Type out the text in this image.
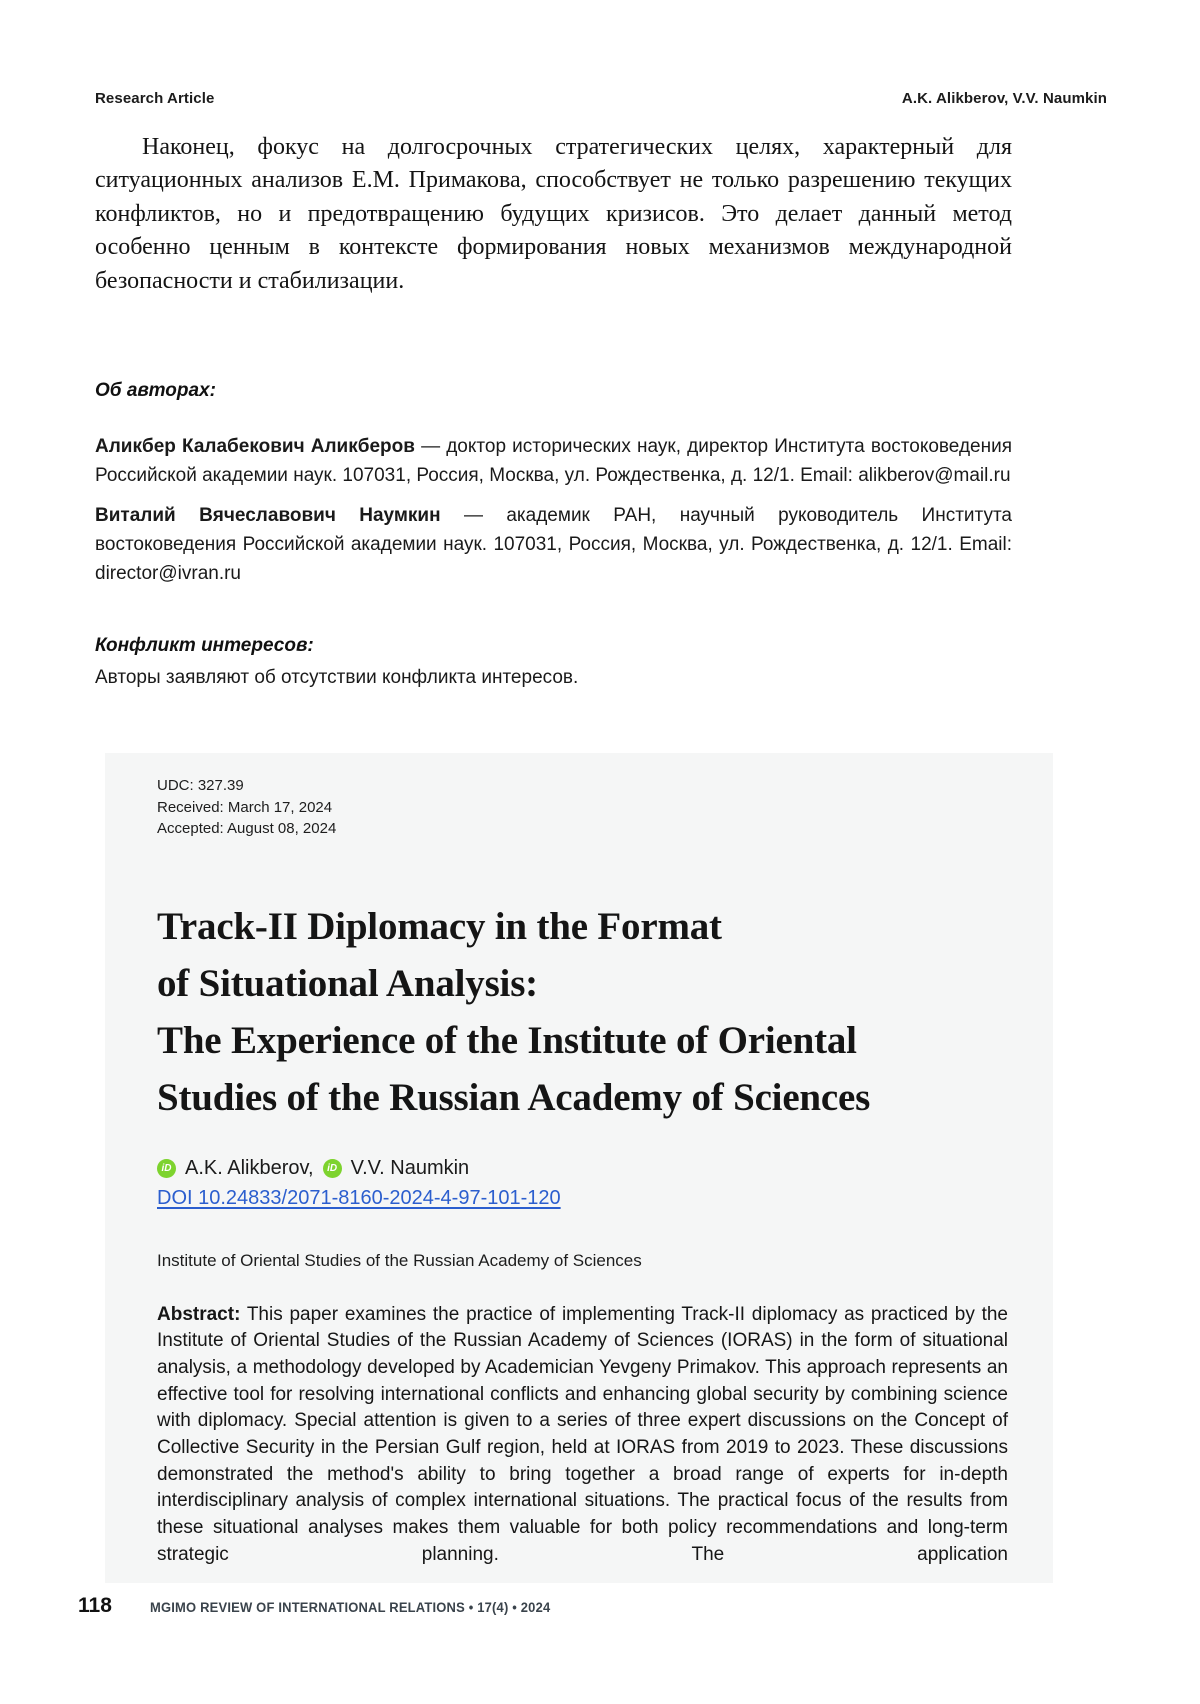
Research Article	A.K. Alikberov, V.V. Naumkin

Наконец, фокус на долгосрочных стратегических целях, характерный для ситуационных анализов Е.М. Примакова, способствует не только разрешению текущих конфликтов, но и предотвращению будущих кризисов. Это делает данный метод особенно ценным в контексте формирования новых механизмов международной безопасности и стабилизации.

Об авторах:

Аликбер Калабекович Аликберов — доктор исторических наук, директор Института востоковедения Российской академии наук. 107031, Россия, Москва, ул. Рождественка, д. 12/1. Email: alikberov@mail.ru

Виталий Вячеславович Наумкин — академик РАН, научный руководитель Института востоковедения Российской академии наук. 107031, Россия, Москва, ул. Рождественка, д. 12/1. Email: director@ivran.ru

Конфликт интересов:

Авторы заявляют об отсутствии конфликта интересов.

UDC: 327.39
Received: March 17, 2024
Accepted: August 08, 2024
Track-II Diplomacy in the Format
of Situational Analysis:
The Experience of the Institute of Oriental
Studies of the Russian Academy of Sciences
iD A.K. Alikberov,	iD V.V. Naumkin
DOI 10.24833/2071-8160-2024-4-97-101-120

Institute of Oriental Studies of the Russian Academy of Sciences

Abstract: This paper examines the practice of implementing Track-II diplomacy as practiced by the Institute of Oriental Studies of the Russian Academy of Sciences (IORAS) in the form of situational analysis, a methodology developed by Academician Yevgeny Primakov. This approach represents an effective tool for resolving international conflicts and enhancing global security by combining science with diplomacy. Special attention is given to a series of three expert discussions on the Concept of Collective Security in the Persian Gulf region, held at IORAS from 2019 to 2023. These discussions demonstrated the method's ability to bring together a broad range of experts for in-depth interdisciplinary analysis of complex international situations. The practical focus of the results from these situational analyses makes them valuable for both policy recommendations and long-term strategic planning. The application

118	MGIMO REVIEW OF INTERNATIONAL RELATIONS • 17(4) • 2024
